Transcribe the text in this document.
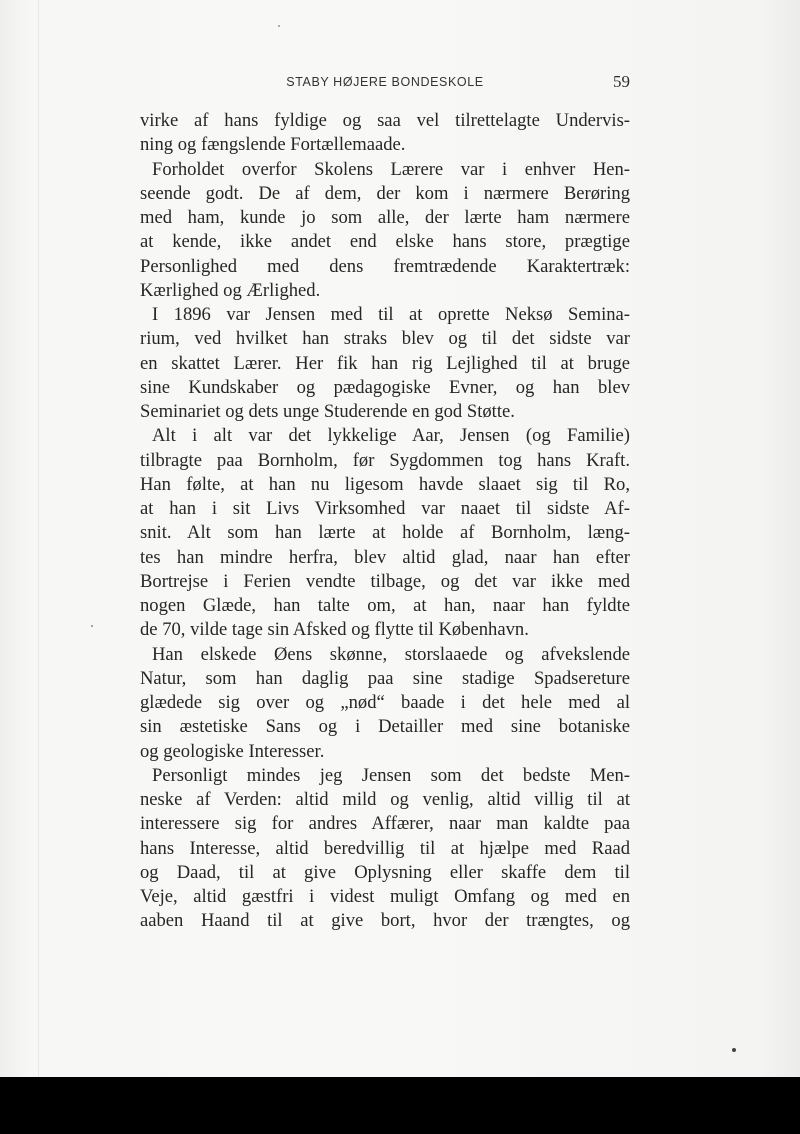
STABY HØJERE BONDESKOLE	59
virke af hans fyldige og saa vel tilrettelagte Undervis-
ning og fængslende Fortællemaade.
Forholdet overfor Skolens Lærere var i enhver Hen-
seende godt. De af dem, der kom i nærmere Berøring
med ham, kunde jo som alle, der lærte ham nærmere
at kende, ikke andet end elske hans store, prægtige
Personlighed med dens fremtrædende Karaktertræk:
Kærlighed og Ærlighed.
I 1896 var Jensen med til at oprette Neksø Semina-
rium, ved hvilket han straks blev og til det sidste var
en skattet Lærer. Her fik han rig Lejlighed til at bruge
sine Kundskaber og pædagogiske Evner, og han blev
Seminariet og dets unge Studerende en god Støtte.
Alt i alt var det lykkelige Aar, Jensen (og Familie)
tilbragte paa Bornholm, før Sygdommen tog hans Kraft.
Han følte, at han nu ligesom havde slaaet sig til Ro,
at han i sit Livs Virksomhed var naaet til sidste Af-
snit. Alt som han lærte at holde af Bornholm, læng-
tes han mindre herfra, blev altid glad, naar han efter
Bortrejse i Ferien vendte tilbage, og det var ikke med
nogen Glæde, han talte om, at han, naar han fyldte
de 70, vilde tage sin Afsked og flytte til København.
Han elskede Øens skønne, storslaaede og afvekslende
Natur, som han daglig paa sine stadige Spadsereture
glædede sig over og „nød“ baade i det hele med al
sin æstetiske Sans og i Detailler med sine botaniske
og geologiske Interesser.
Personligt mindes jeg Jensen som det bedste Men-
neske af Verden: altid mild og venlig, altid villig til at
interessere sig for andres Affærer, naar man kaldte paa
hans Interesse, altid beredvillig til at hjælpe med Raad
og Daad, til at give Oplysning eller skaffe dem til
Veje, altid gæstfri i videst muligt Omfang og med en
aaben Haand til at give bort, hvor der trængtes, og
